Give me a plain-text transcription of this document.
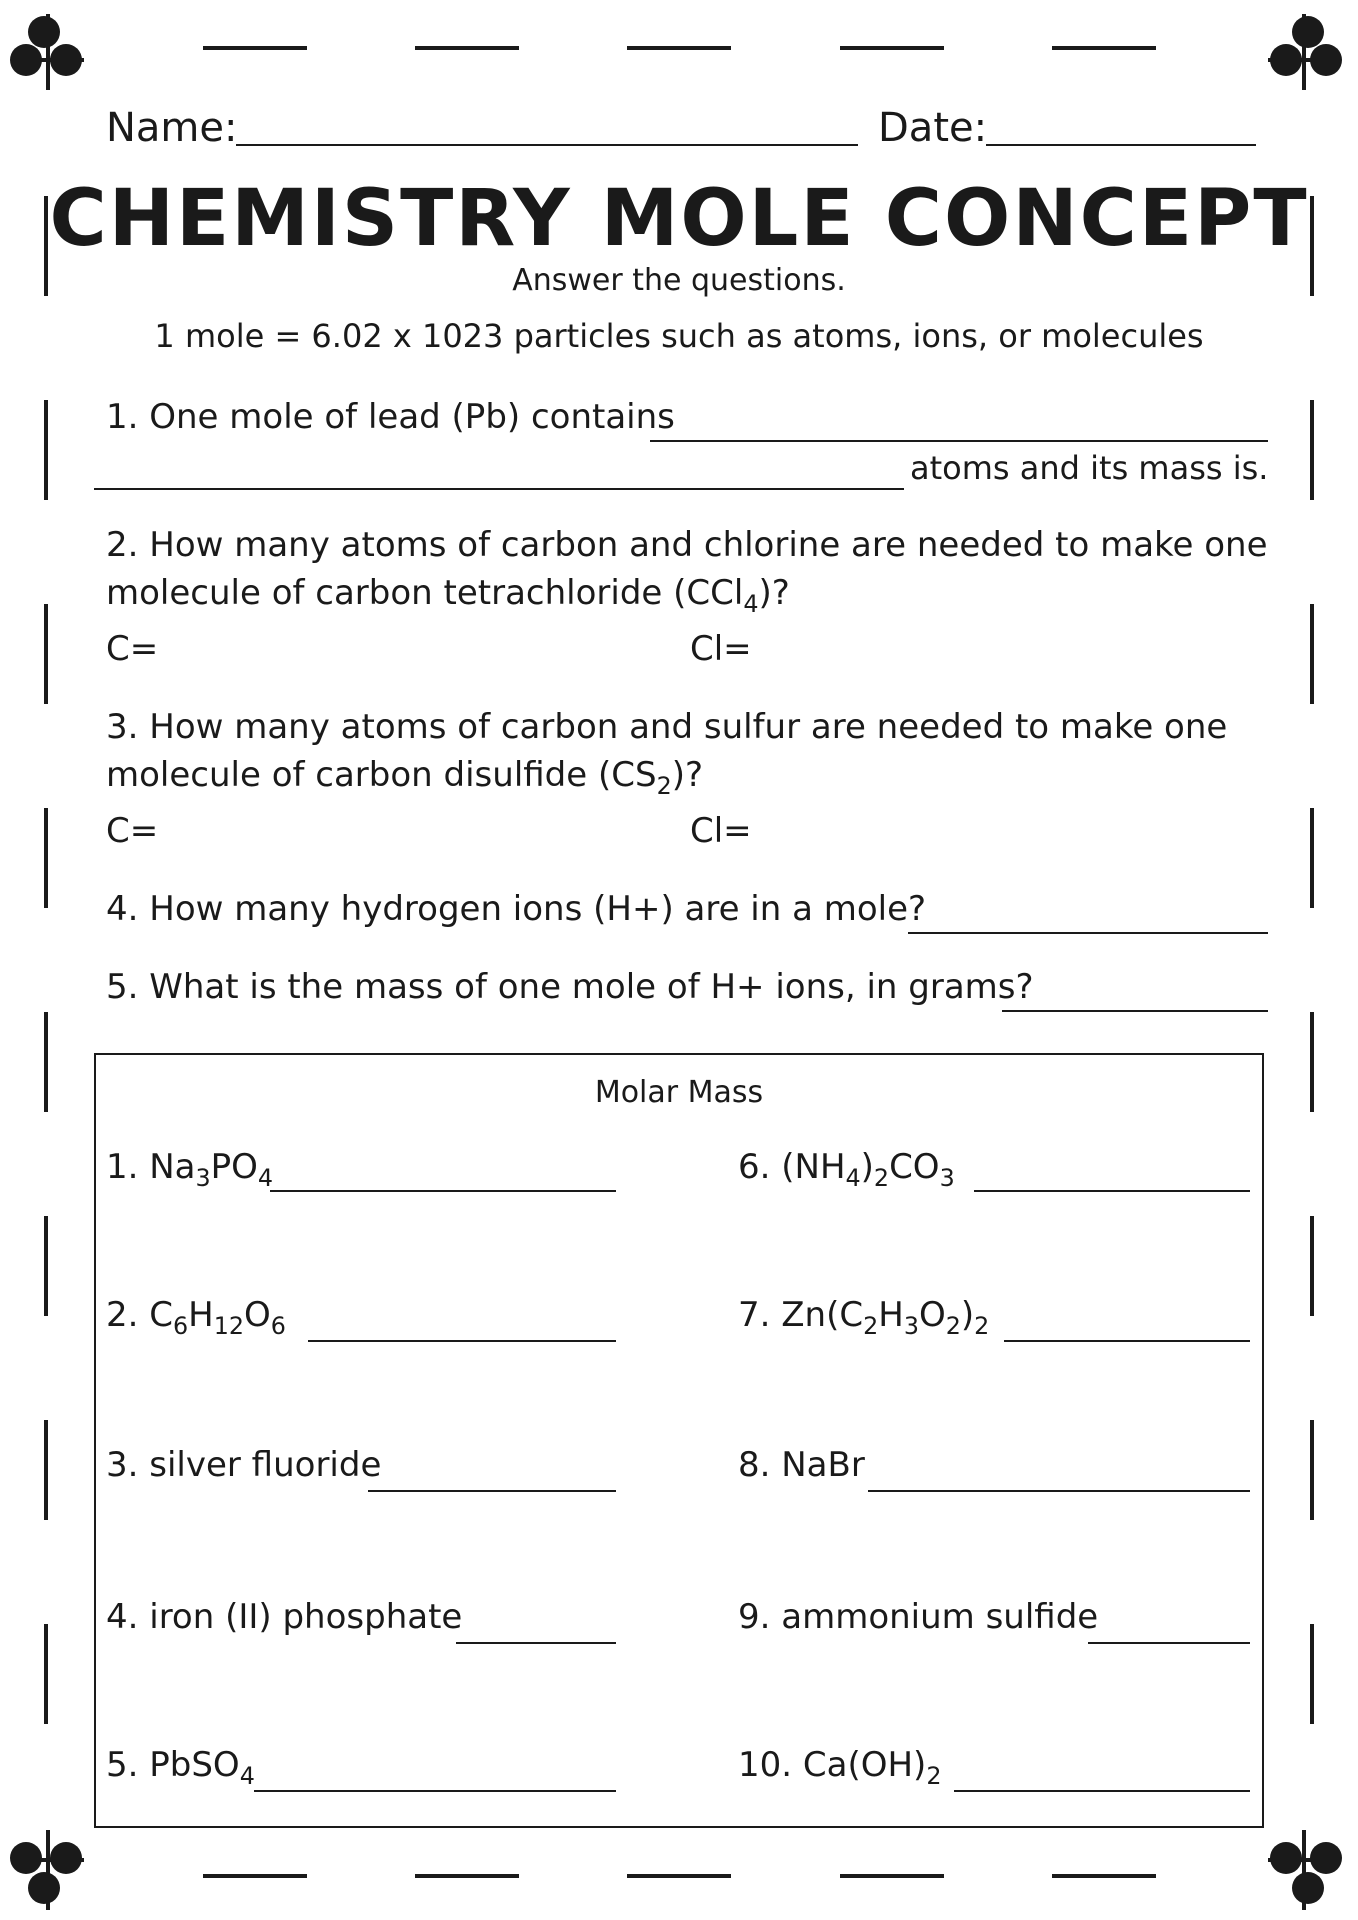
Name:	Date:
CHEMISTRY MOLE CONCEPT
Answer the questions.
1 mole = 6.02 x 1023 particles such as atoms, ions, or molecules
1. One mole of lead (Pb) contains
atoms and its mass is.
2. How many atoms of carbon and chlorine are needed to make one
molecule of carbon tetrachloride (CCl$_4$)?
C=	Cl=
3. How many atoms of carbon and sulfur are needed to make one
molecule of carbon disulfide $(CS_2)$?
C=	Cl=
4. How many hydrogen ions (H+) are in a mole?
5. What is the mass of one mole of H+ ions, in grams?
Molar Mass
1. $Na_3PO_4$
2. $C_6H_{12}O_6$
3. silver fluoride
4. iron (II) phosphate
5. PbSO$_4$
6. $(NH_4)_2CO_3$
7. $Zn(C_2H_3O_2)_2$
8. NaBr
9. ammonium sulfide
10. $Ca(OH)_2$
